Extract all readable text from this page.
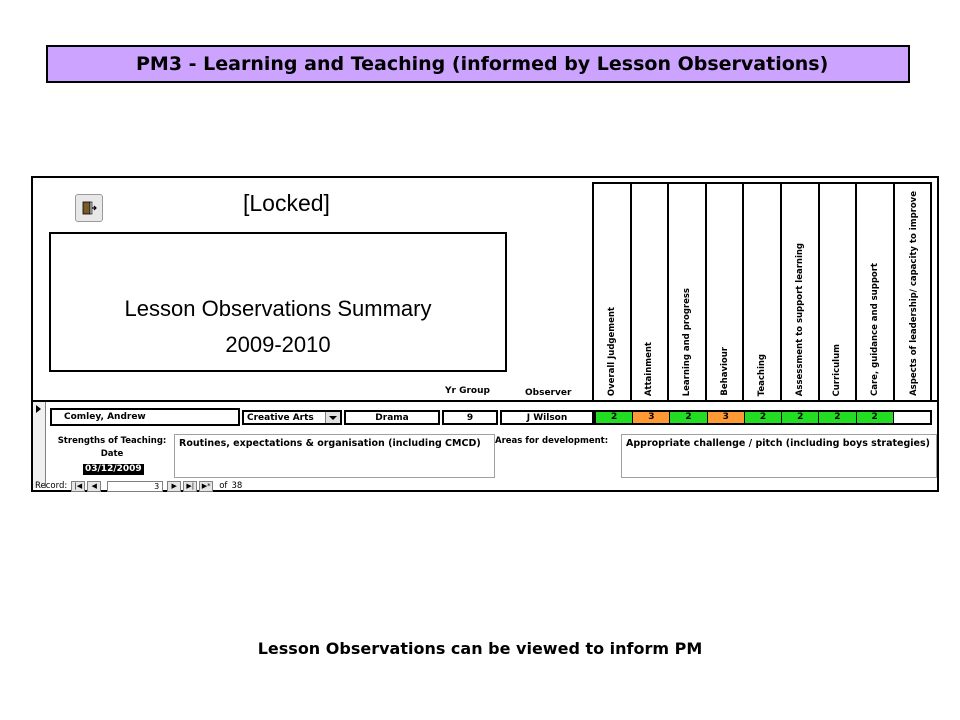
PM3 - Learning and Teaching (informed by Lesson Observations)
[Locked]
Lesson Observations Summary
2009-2010
Yr Group	Observer	Overall Judgement	Attainment	Learning and progress	Behaviour	Teaching	Assessment to support learning	Curriculum	Care, guidance and support	Aspects of leadership/ capacity to improve
Comley, Andrew	Creative Arts	Drama	9	J Wilson	2	3	2	3	2	2	2	2
Strengths of Teaching:
Date
03/12/2009
Routines, expectations & organisation (including CMCD)	Areas for development:	Appropriate challenge / pitch (including boys strategies)
Record:	|◀	◀	3	▶	▶|	▶*	of 38
Lesson Observations can be viewed to inform PM
